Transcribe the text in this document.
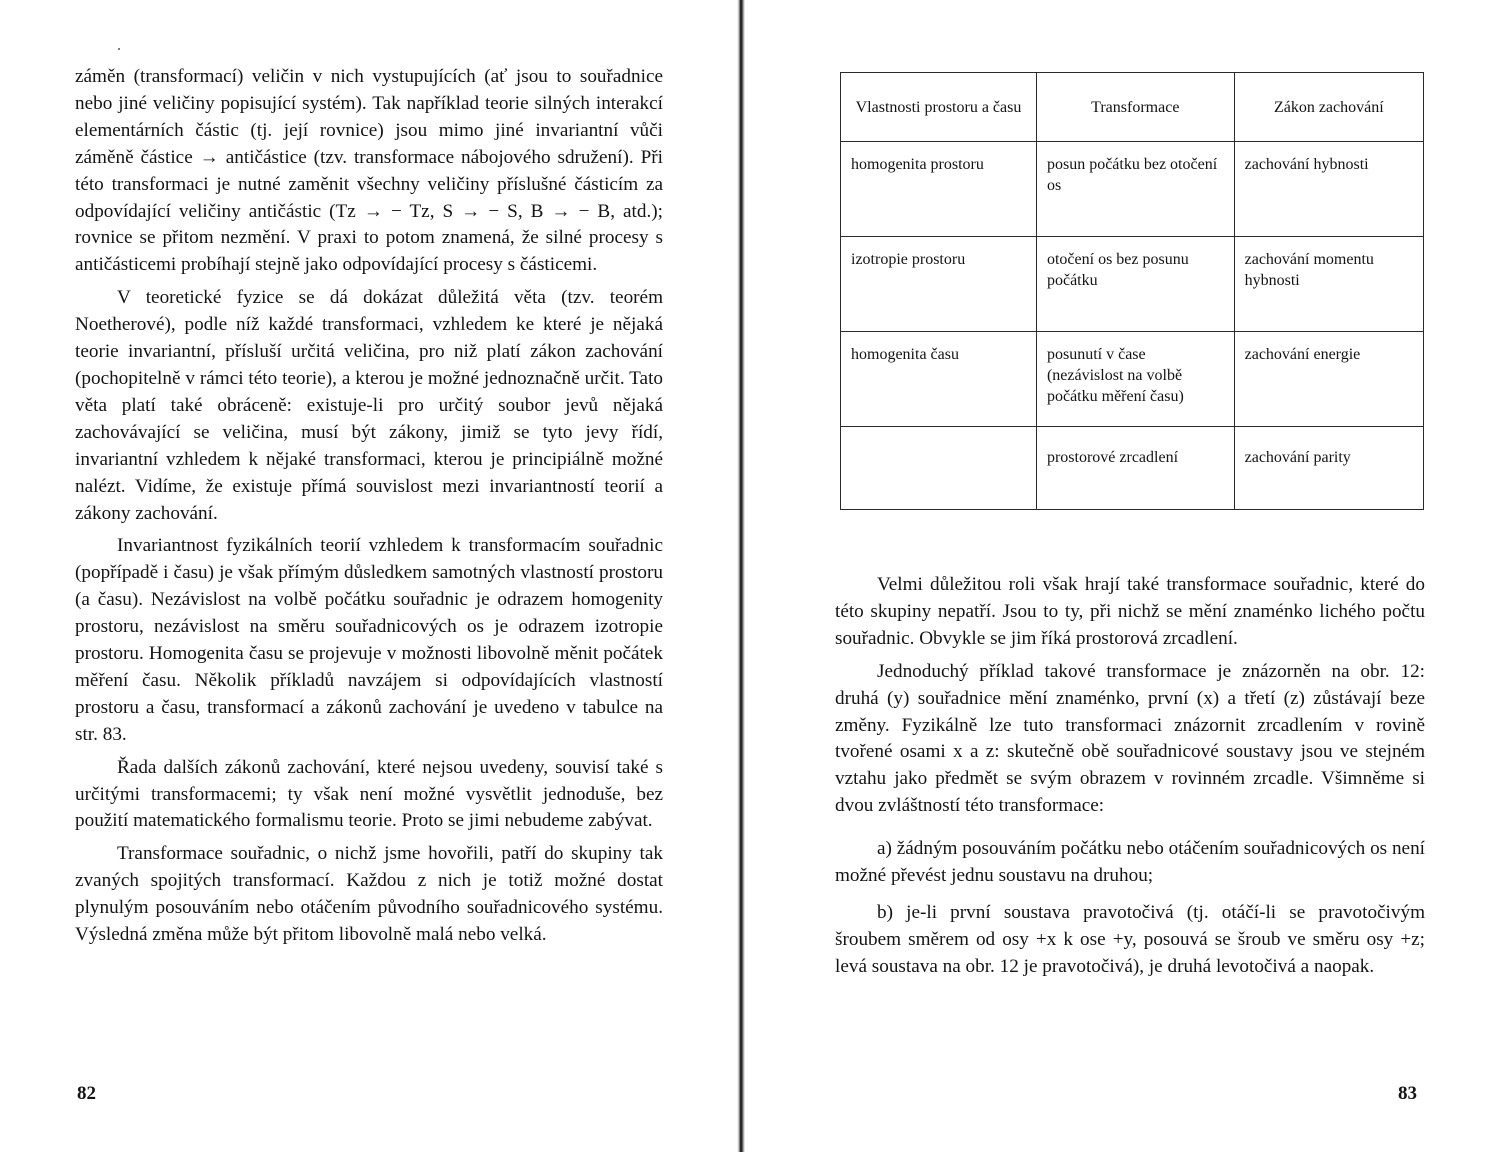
záměn (transformací) veličin v nich vystupujících (ať jsou to souřadnice nebo jiné veličiny popisující systém). Tak například teorie silných interakcí elementárních částic (tj. její rovnice) jsou mimo jiné invariantní vůči záměně částice → antičástice (tzv. transformace nábojového sdružení). Při této transformaci je nutné zaměnit všechny veličiny příslušné částicím za odpovídající veličiny antičástic (Tz → − Tz, S → − S, B → − B, atd.); rovnice se přitom nezmění. V praxi to potom znamená, že silné procesy s antičásticemi probíhají stejně jako odpovídající procesy s částicemi.

V teoretické fyzice se dá dokázat důležitá věta (tzv. teorém Noetherové), podle níž každé transformaci, vzhledem ke které je nějaká teorie invariantní, přísluší určitá veličina, pro niž platí zákon zachování (pochopitelně v rámci této teorie), a kterou je možné jednoznačně určit. Tato věta platí také obráceně: existuje-li pro určitý soubor jevů nějaká zachovávající se veličina, musí být zákony, jimiž se tyto jevy řídí, invariantní vzhledem k nějaké transformaci, kterou je principiálně možné nalézt. Vidíme, že existuje přímá souvislost mezi invariantností teorií a zákony zachování.

Invariantnost fyzikálních teorií vzhledem k transformacím souřadnic (popřípadě i času) je však přímým důsledkem samotných vlastností prostoru (a času). Nezávislost na volbě počátku souřadnic je odrazem homogenity prostoru, nezávislost na směru souřadnicových os je odrazem izotropie prostoru. Homogenita času se projevuje v možnosti libovolně měnit počátek měření času. Několik příkladů navzájem si odpovídajících vlastností prostoru a času, transformací a zákonů zachování je uvedeno v tabulce na str. 83.

Řada dalších zákonů zachování, které nejsou uvedeny, souvisí také s určitými transformacemi; ty však není možné vysvětlit jednoduše, bez použití matematického formalismu teorie. Proto se jimi nebudeme zabývat.

Transformace souřadnic, o nichž jsme hovořili, patří do skupiny tak zvaných spojitých transformací. Každou z nich je totiž možné dostat plynulým posouváním nebo otáčením původního souřadnicového systému. Výsledná změna může být přitom libovolně malá nebo velká.

82
Vlastnosti prostoru a času	Transformace	Zákon zachování
homogenita prostoru	posun počátku bez otočení os	zachování hybnosti
izotropie prostoru	otočení os bez posunu počátku	zachování momentu hybnosti
homogenita času	posunutí v čase (nezávislost na volbě počátku měření času)	zachování energie
	prostorové zrcadlení	zachování parity

Velmi důležitou roli však hrají také transformace souřadnic, které do této skupiny nepatří. Jsou to ty, při nichž se mění znaménko lichého počtu souřadnic. Obvykle se jim říká prostorová zrcadlení.

Jednoduchý příklad takové transformace je znázorněn na obr. 12: druhá (y) souřadnice mění znaménko, první (x) a třetí (z) zůstávají beze změny. Fyzikálně lze tuto transformaci znázornit zrcadlením v rovině tvořené osami x a z: skutečně obě souřadnicové soustavy jsou ve stejném vztahu jako předmět se svým obrazem v rovinném zrcadle. Všimněme si dvou zvláštností této transformace:

a) žádným posouváním počátku nebo otáčením souřadnicových os není možné převést jednu soustavu na druhou;

b) je-li první soustava pravotočivá (tj. otáčí-li se pravotočivým šroubem směrem od osy +x k ose +y, posouvá se šroub ve směru osy +z; levá soustava na obr. 12 je pravotočivá), je druhá levotočivá a naopak.

83
